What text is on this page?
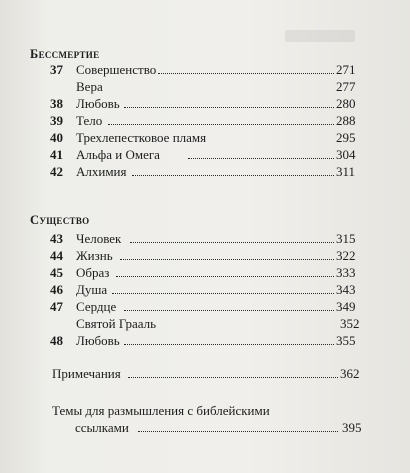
Бессмертие
37	Совершенство	271
Вера	277
38	Любовь	280
39	Тело	288
40	Трехлепестковое пламя	295
41	Альфа и Омега	304
42	Алхимия	311
Существо
43	Человек	315
44	Жизнь	322
45	Образ	333
46	Душа	343
47	Сердце	349
Святой Грааль	352
48	Любовь	355
Примечания	362
Темы для размышления с библейскими
ссылками	395
